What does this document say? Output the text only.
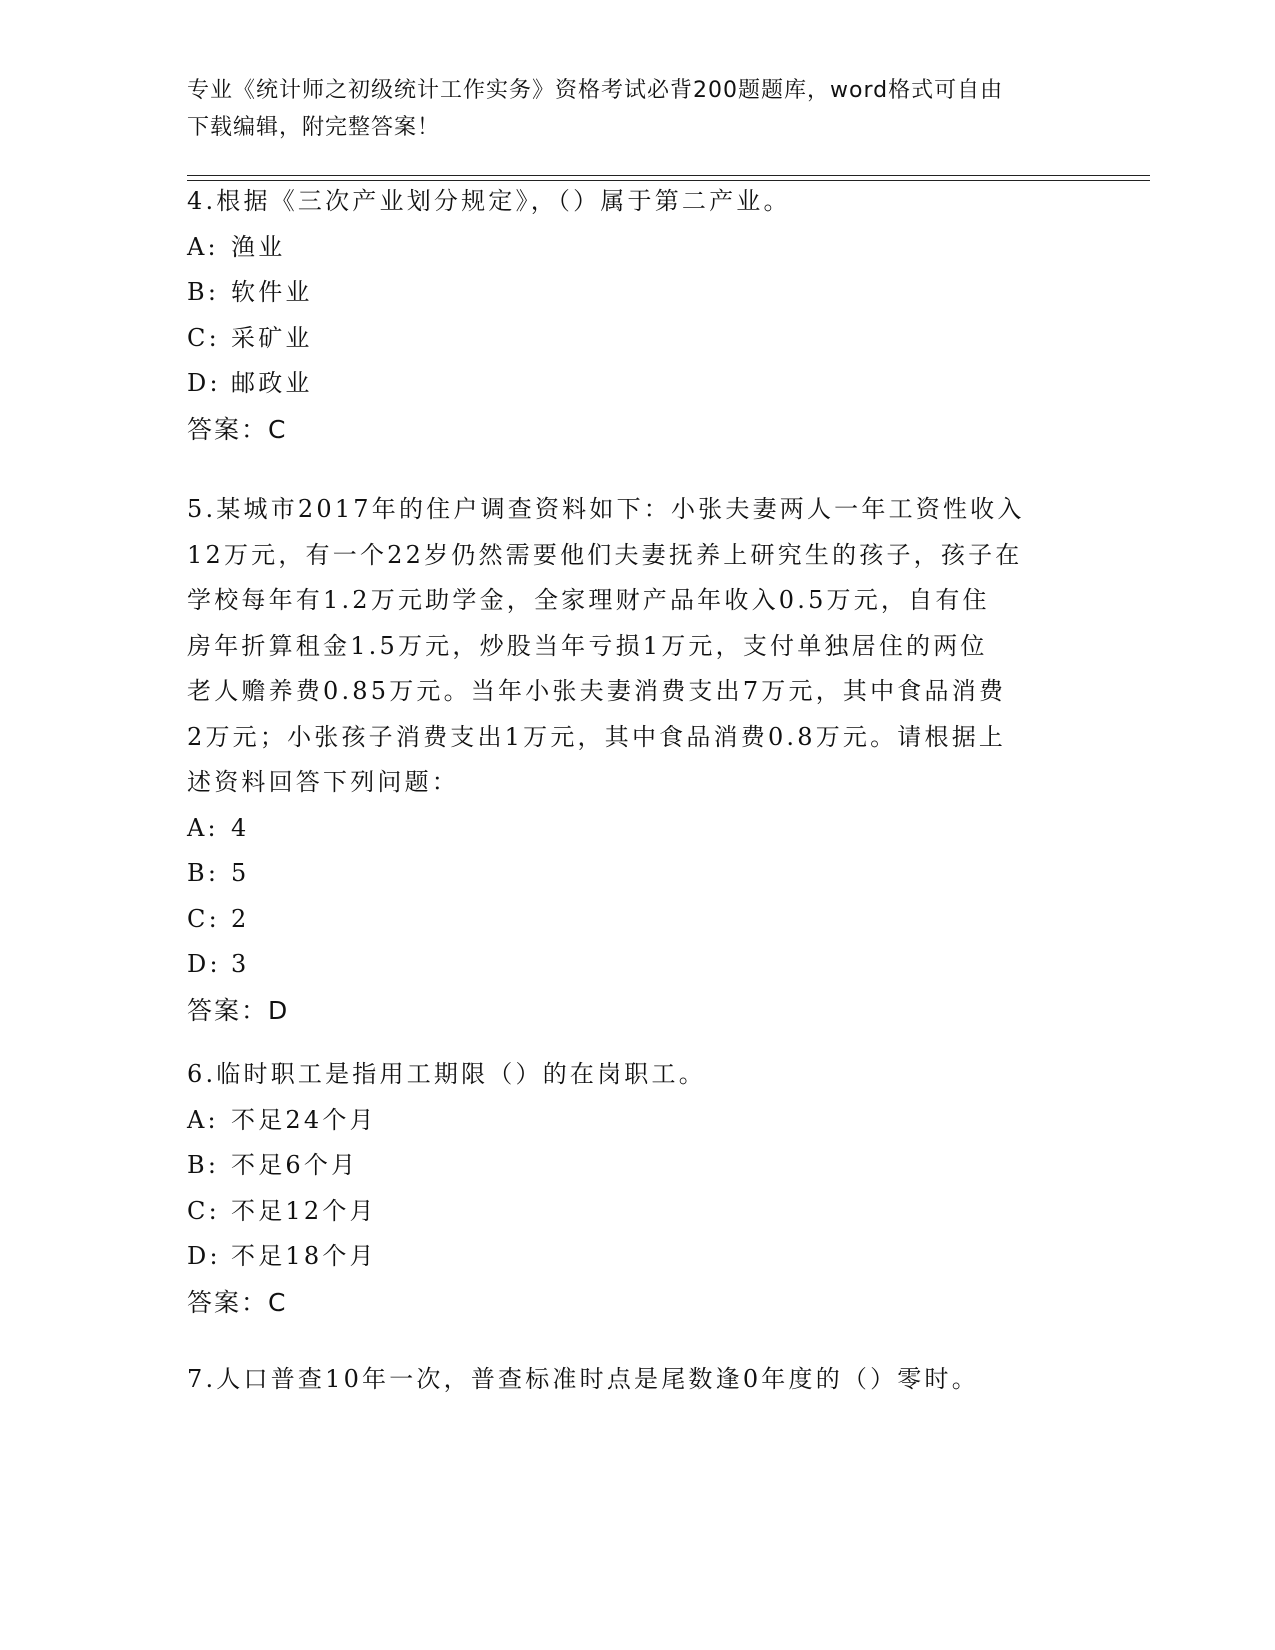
专业《统计师之初级统计工作实务》资格考试必背200题题库，word格式可自由
下载编辑，附完整答案！
4.根据《三次产业划分规定》，（）属于第二产业。
A: 渔业
B: 软件业
C: 采矿业
D: 邮政业
答案：C
5.某城市2017年的住户调查资料如下：小张夫妻两人一年工资性收入
12万元，有一个22岁仍然需要他们夫妻抚养上研究生的孩子，孩子在
学校每年有1.2万元助学金，全家理财产品年收入0.5万元，自有住
房年折算租金1.5万元，炒股当年亏损1万元，支付单独居住的两位
老人赡养费0.85万元。当年小张夫妻消费支出7万元，其中食品消费
2万元；小张孩子消费支出1万元，其中食品消费0.8万元。请根据上
述资料回答下列问题：
A: 4
B: 5
C: 2
D: 3
答案：D
6.临时职工是指用工期限（）的在岗职工。
A: 不足24个月
B: 不足6个月
C: 不足12个月
D: 不足18个月
答案：C
7.人口普查10年一次，普查标准时点是尾数逢0年度的（）零时。
